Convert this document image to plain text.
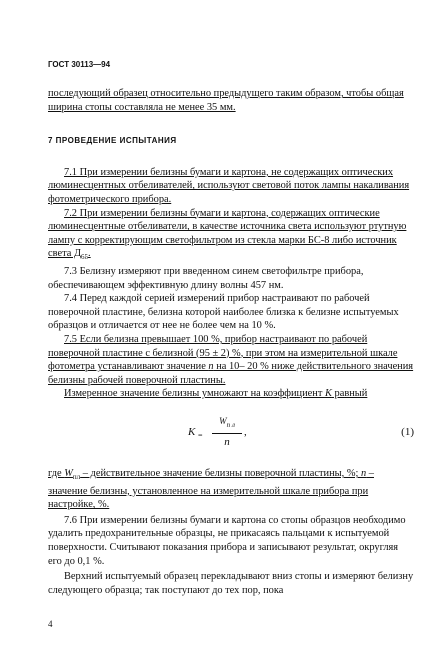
ГОСТ 30113—94

последующий образец относительно предыдущего таким образом, чтобы общая ширина стопы составляла не менее 35 мм.

7 ПРОВЕДЕНИЕ ИСПЫТАНИЯ

7.1 При измерении белизны бумаги и картона, не содержащих оптических люминесцентных отбеливателей, используют световой поток лампы накаливания фотометрического прибора.

7.2 При измерении белизны бумаги и картона, содержащих оптические люминесцентные отбеливатели, в качестве источника света используют ртутную лампу с корректирующим светофильтром из стекла марки БС-8 либо источник света $Д_{65}$.

7.3 Белизну измеряют при введенном синем светофильтре прибора, обеспечивающем эффективную длину волны 457 нм.

7.4 Перед каждой серией измерений прибор настраивают по рабочей поверочной пластине, белизна которой наиболее близка к белизне испытуемых образцов и отличается от нее не более чем на 10 %.

7.5 Если белизна превышает 100 %, прибор настраивают по рабочей поверочной пластине с белизной (95 ± 2) %, при этом на измерительной шкале фотометра устанавливают значение n на 10– 20 % ниже действительного значения белизны рабочей поверочной пластины.

Измеренное значение белизны умножают на коэффициент K равный

K =
$W_{п л}$
n
,	(1)

где $W_{пл}$ – действительное значение белизны поверочной пластины, %; n – значение белизны, установленное на измерительной шкале прибора при настройке, %.

7.6 При измерении белизны бумаги и картона со стопы образцов необходимо удалить предохранительные образцы, не прикасаясь пальцами к испытуемой поверхности. Считывают показания прибора и записывают результат, округляя его до 0,1 %.

Верхний испытуемый образец перекладывают вниз стопы и измеряют белизну следующего образца; так поступают до тех пор, пока

4
